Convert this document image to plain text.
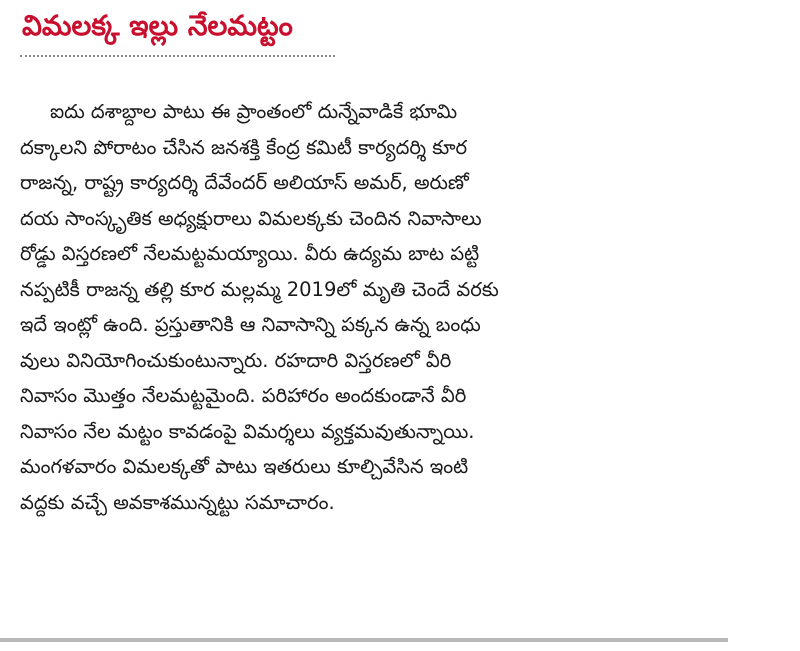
విమలక్క ఇల్లు నేలమట్టం
ఐదు దశాబ్దాల పాటు ఈ ప్రాంతంలో దున్నేవాడికే భూమి
దక్కాలని పోరాటం చేసిన జనశక్తి కేంద్ర కమిటీ కార్యదర్శి కూర
రాజన్న, రాష్ట్ర కార్యదర్శి దేవేందర్ అలియాస్ అమర్, అరుణో
దయ సాంస్కృతిక అధ్యక్షురాలు విమలక్కకు చెందిన నివాసాలు
రోడ్డు విస్తరణలో నేలమట్టమయ్యాయి. వీరు ఉద్యమ బాట పట్టి
నప్పటికీ రాజన్న తల్లి కూర మల్లమ్మ 2019లో మృతి చెందే వరకు
ఇదే ఇంట్లో ఉంది. ప్రస్తుతానికి ఆ నివాసాన్ని పక్కన ఉన్న బంధు
వులు వినియోగించుకుంటున్నారు. రహదారి విస్తరణలో వీరి
నివాసం మొత్తం నేలమట్టమైంది. పరిహారం అందకుండానే వీరి
నివాసం నేల మట్టం కావడంపై విమర్శలు వ్యక్తమవుతున్నాయి.
మంగళవారం విమలక్కతో పాటు ఇతరులు కూల్చివేసిన ఇంటి
వద్దకు వచ్చే అవకాశమున్నట్టు సమాచారం.
